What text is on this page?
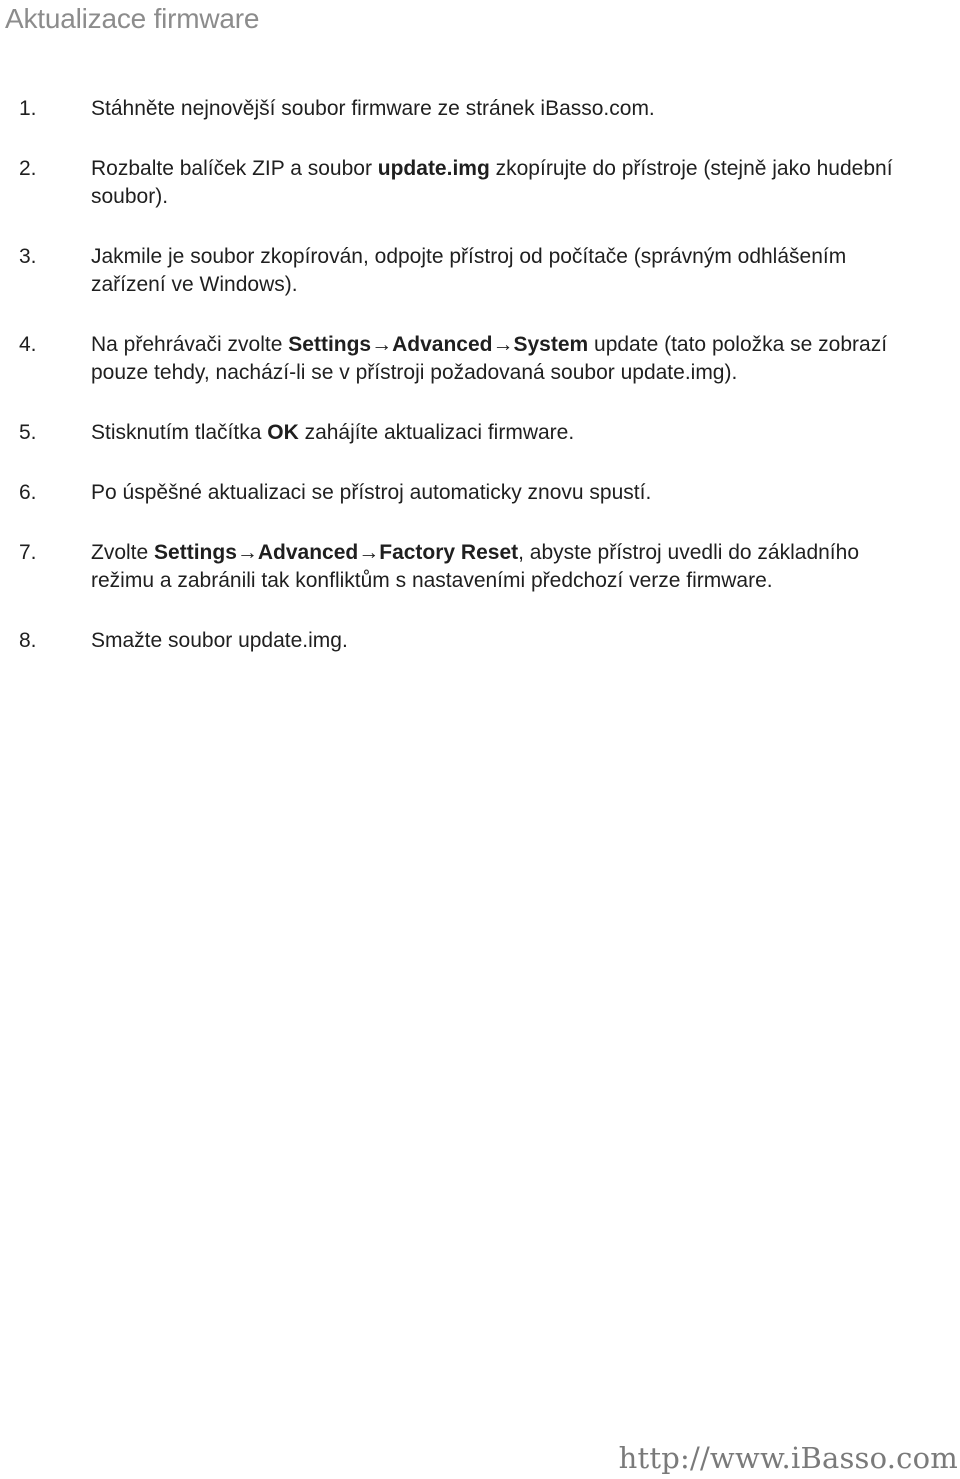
Aktualizace firmware
1.	Stáhněte nejnovější soubor firmware ze stránek iBasso.com.
2.	Rozbalte balíček ZIP a soubor update.img zkopírujte do přístroje (stejně jako hudební soubor).
3.	Jakmile je soubor zkopírován, odpojte přístroj od počítače (správným odhlášením zařízení ve Windows).
4.	Na přehrávači zvolte Settings→Advanced→System update (tato položka se zobrazí pouze tehdy, nachází-li se v přístroji požadovaná soubor update.img).
5.	Stisknutím tlačítka OK zahájíte aktualizaci firmware.
6.	Po úspěšné aktualizaci se přístroj automaticky znovu spustí.
7.	Zvolte Settings→Advanced→Factory Reset, abyste přístroj uvedli do základního režimu a zabránili tak konfliktům s nastaveními předchozí verze firmware.
8.	Smažte soubor update.img.
http://www.iBasso.com
